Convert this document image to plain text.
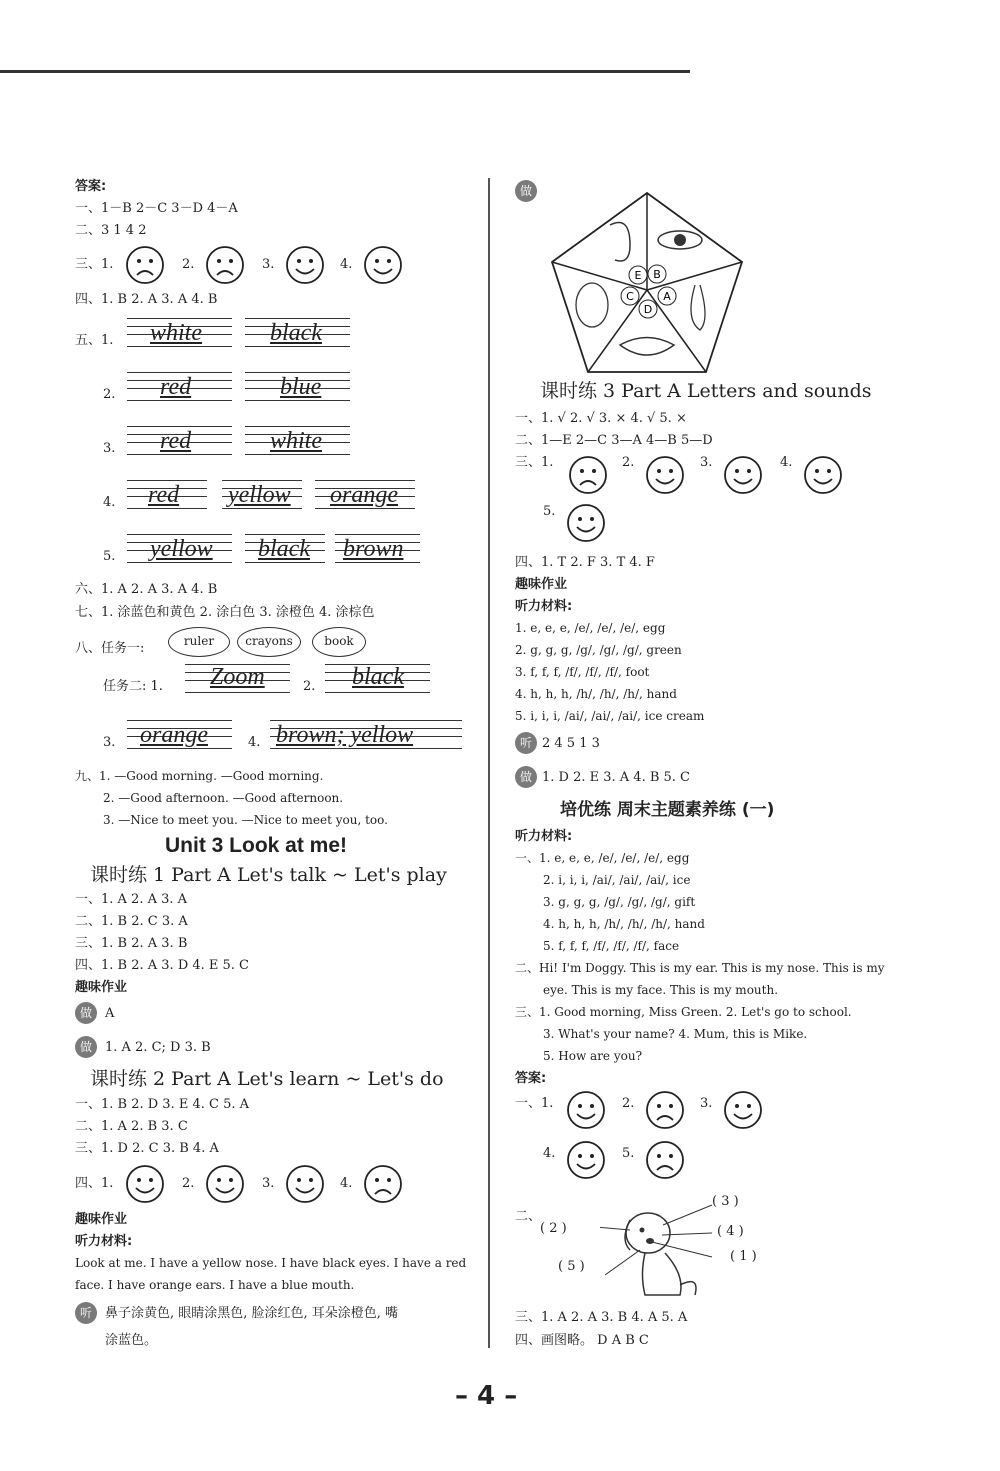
答案:
一、1－B 2－C 3－D 4－A
二、3 1 4 2
三、1.	2.	3.	4.
四、1. B 2. A 3. A 4. B
五、1. white	black
2. red	blue
3. red	white
4. red yellow orange
5. yellow black brown
六、1. A 2. A 3. A 4. B
七、1. 涂蓝色和黄色 2. 涂白色 3. 涂橙色 4. 涂棕色
八、任务一:	ruler	crayons	book
任务二: 1.	2.
Zoom	black
3.	4.
orange	brown; yellow
九、1. —Good morning. —Good morning.
2. —Good afternoon. —Good afternoon.
3. —Nice to meet you. —Nice to meet you, too.
Unit 3 Look at me!
课时练 1 Part A Let's talk ~ Let's play
一、1. A 2. A 3. A
二、1. B 2. C 3. A
三、1. B 2. A 3. B
四、1. B 2. A 3. D 4. E 5. C
趣味作业
做	A
做	1. A 2. C; D 3. B
课时练 2 Part A Let's learn ~ Let's do
一、1. B 2. D 3. E 4. C 5. A
二、1. A 2. B 3. C
三、1. D 2. C 3. B 4. A
四、1.	2.	3.	4.
趣味作业
听力材料:
Look at me. I have a yellow nose. I have black eyes. I have a red
face. I have orange ears. I have a blue mouth.
听	鼻子涂黄色, 眼睛涂黑色, 脸涂红色, 耳朵涂橙色, 嘴
涂蓝色。
做
E B
C	A
D
课时练 3 Part A Letters and sounds
一、1. √ 2. √ 3. × 4. √ 5. ×
二、1—E 2—C 3—A 4—B 5—D
三、1.	2.	3.	4.
5.
四、1. T 2. F 3. T 4. F
趣味作业
听力材料:
1. e, e, e, /e/, /e/, /e/, egg
2. g, g, g, /g/, /g/, /g/, green
3. f, f, f, /f/, /f/, /f/, foot
4. h, h, h, /h/, /h/, /h/, hand
5. i, i, i, /ai/, /ai/, /ai/, ice cream
听 2 4 5 1 3
做 1. D 2. E 3. A 4. B 5. C
培优练 周末主题素养练 (一)
听力材料:
一、1. e, e, e, /e/, /e/, /e/, egg
2. i, i, i, /ai/, /ai/, /ai/, ice
3. g, g, g, /g/, /g/, /g/, gift
4. h, h, h, /h/, /h/, /h/, hand
5. f, f, f, /f/, /f/, /f/, face
二、Hi! I'm Doggy. This is my ear. This is my nose. This is my
eye. This is my face. This is my mouth.
三、1. Good morning, Miss Green. 2. Let's go to school.
3. What's your name? 4. Mum, this is Mike.
5. How are you?
答案:
一、1.	2.	3.
4.	5.
二、
( 3 )
( 2 )	( 4 )
( 1 )
( 5 )
三、1. A 2. A 3. B 4. A 5. A
四、画图略。 D A B C
– 4 –
